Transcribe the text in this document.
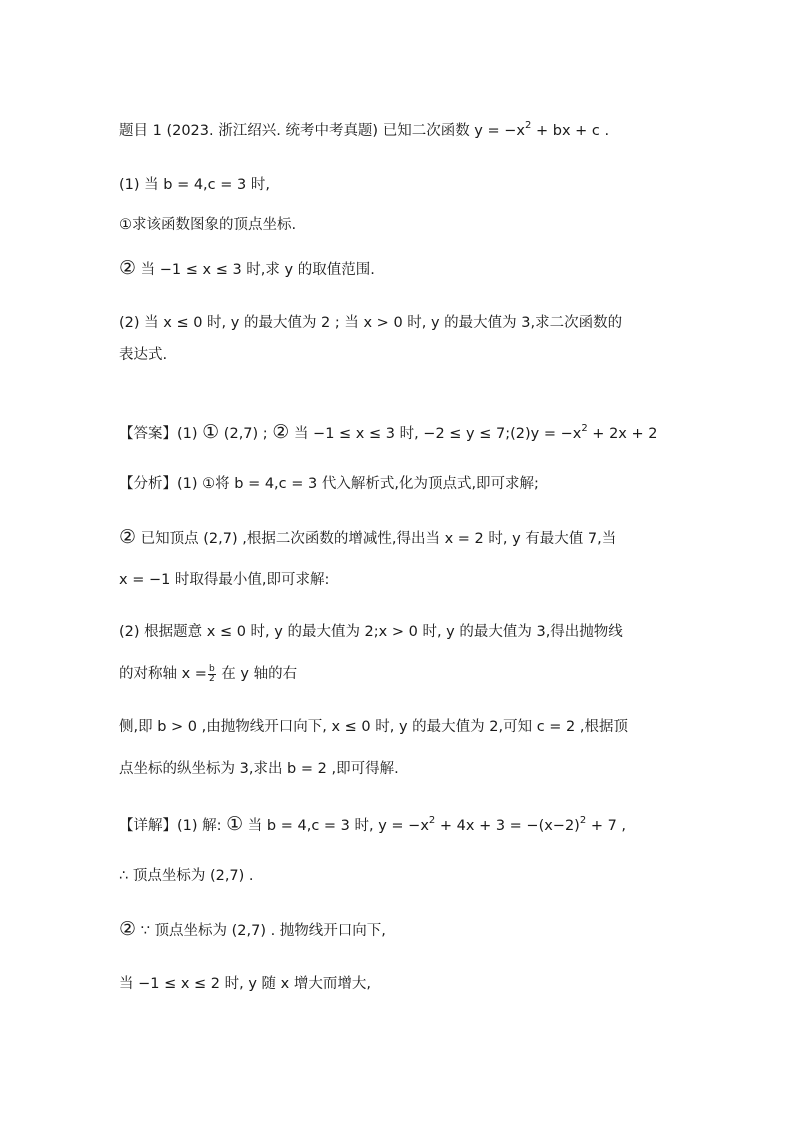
题目 1 (2023. 浙江绍兴. 统考中考真题) 已知二次函数 $y = -x^2$ + bx + c .
(1) 当 b = 4,c = 3 时,
①求该函数图象的顶点坐标.
② 当 −1 ≤ x ≤ 3 时,求 y 的取值范围.
(2) 当 x ≤ 0 时, y 的最大值为 2 ; 当 x > 0 时, y 的最大值为 3,求二次函数的
表达式.
【答案】(1) ① (2,7) ; ② 当 −1 ≤ x ≤ 3 时, −2 ≤ y ≤ 7;(2)y = $-x^2 + 2x + 2$
【分析】(1) ①将 b = 4,c = 3 代入解析式,化为顶点式,即可求解;
② 已知顶点 (2,7) ,根据二次函数的增减性,得出当 x = 2 时, y 有最大值 7,当
x = −1 时取得最小值,即可求解:
(2) 根据题意 x ≤ 0 时, y 的最大值为 2;x > 0 时, y 的最大值为 3,得出抛物线
的对称轴 $x = \frac{b}{2}$ 在 y 轴的右
侧,即 b > 0 ,由抛物线开口向下, x ≤ 0 时, y 的最大值为 2,可知 c = 2 ,根据顶
点坐标的纵坐标为 3,求出 b = 2 ,即可得解.
【详解】(1) 解: ① 当 b = 4,c = 3 时, $y = -x^2 + 4x + 3 = -(x-2)^2 + 7$ ,
∴ 顶点坐标为 (2,7) .
② ∵ 顶点坐标为 (2,7) . 抛物线开口向下,
当 −1 ≤ x ≤ 2 时, y 随 x 增大而增大,
